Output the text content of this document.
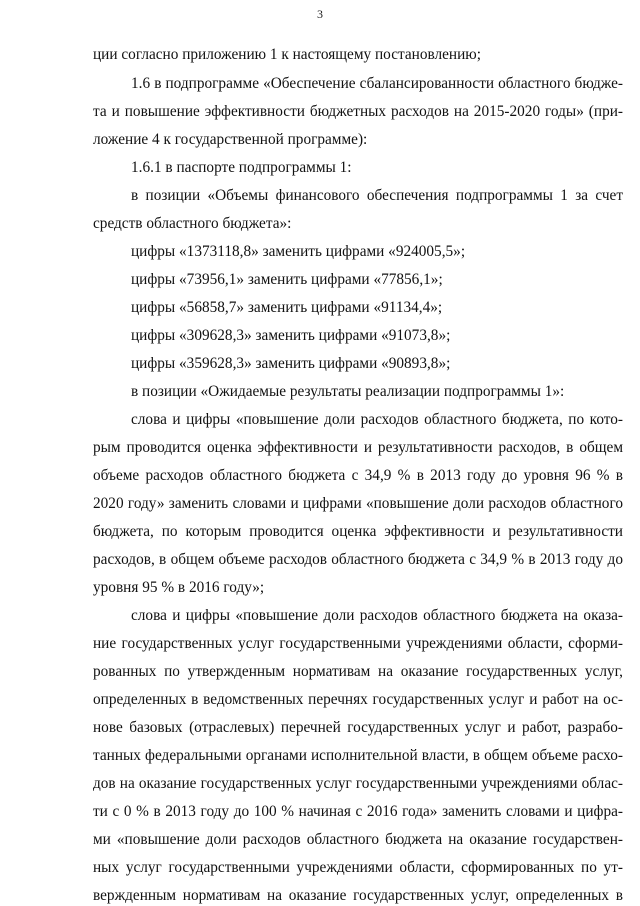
3
ции согласно приложению 1 к настоящему постановлению;
1.6 в подпрограмме «Обеспечение сбалансированности областного бюдже-
та и повышение эффективности бюджетных расходов на 2015-2020 годы» (при-
ложение 4 к государственной программе):
1.6.1 в паспорте подпрограммы 1:
в позиции «Объемы финансового обеспечения подпрограммы 1 за счет
средств областного бюджета»:
цифры «1373118,8» заменить цифрами «924005,5»;
цифры «73956,1» заменить цифрами «77856,1»;
цифры «56858,7» заменить цифрами «91134,4»;
цифры «309628,3» заменить цифрами «91073,8»;
цифры «359628,3» заменить цифрами «90893,8»;
в позиции «Ожидаемые результаты реализации подпрограммы 1»:
слова и цифры «повышение доли расходов областного бюджета, по кото-
рым проводится оценка эффективности и результативности расходов, в общем
объеме расходов областного бюджета с 34,9 % в 2013 году до уровня 96 % в
2020 году» заменить словами и цифрами «повышение доли расходов областного
бюджета, по которым проводится оценка эффективности и результативности
расходов, в общем объеме расходов областного бюджета с 34,9 % в 2013 году до
уровня 95 % в 2016 году»;
слова и цифры «повышение доли расходов областного бюджета на оказа-
ние государственных услуг государственными учреждениями области, сформи-
рованных по утвержденным нормативам на оказание государственных услуг,
определенных в ведомственных перечнях государственных услуг и работ на ос-
нове базовых (отраслевых) перечней государственных услуг и работ, разрабо-
танных федеральными органами исполнительной власти, в общем объеме расхо-
дов на оказание государственных услуг государственными учреждениями облас-
ти с 0 % в 2013 году до 100 % начиная с 2016 года» заменить словами и цифра-
ми «повышение доли расходов областного бюджета на оказание государствен-
ных услуг государственными учреждениями области, сформированных по ут-
вержденным нормативам на оказание государственных услуг, определенных в
